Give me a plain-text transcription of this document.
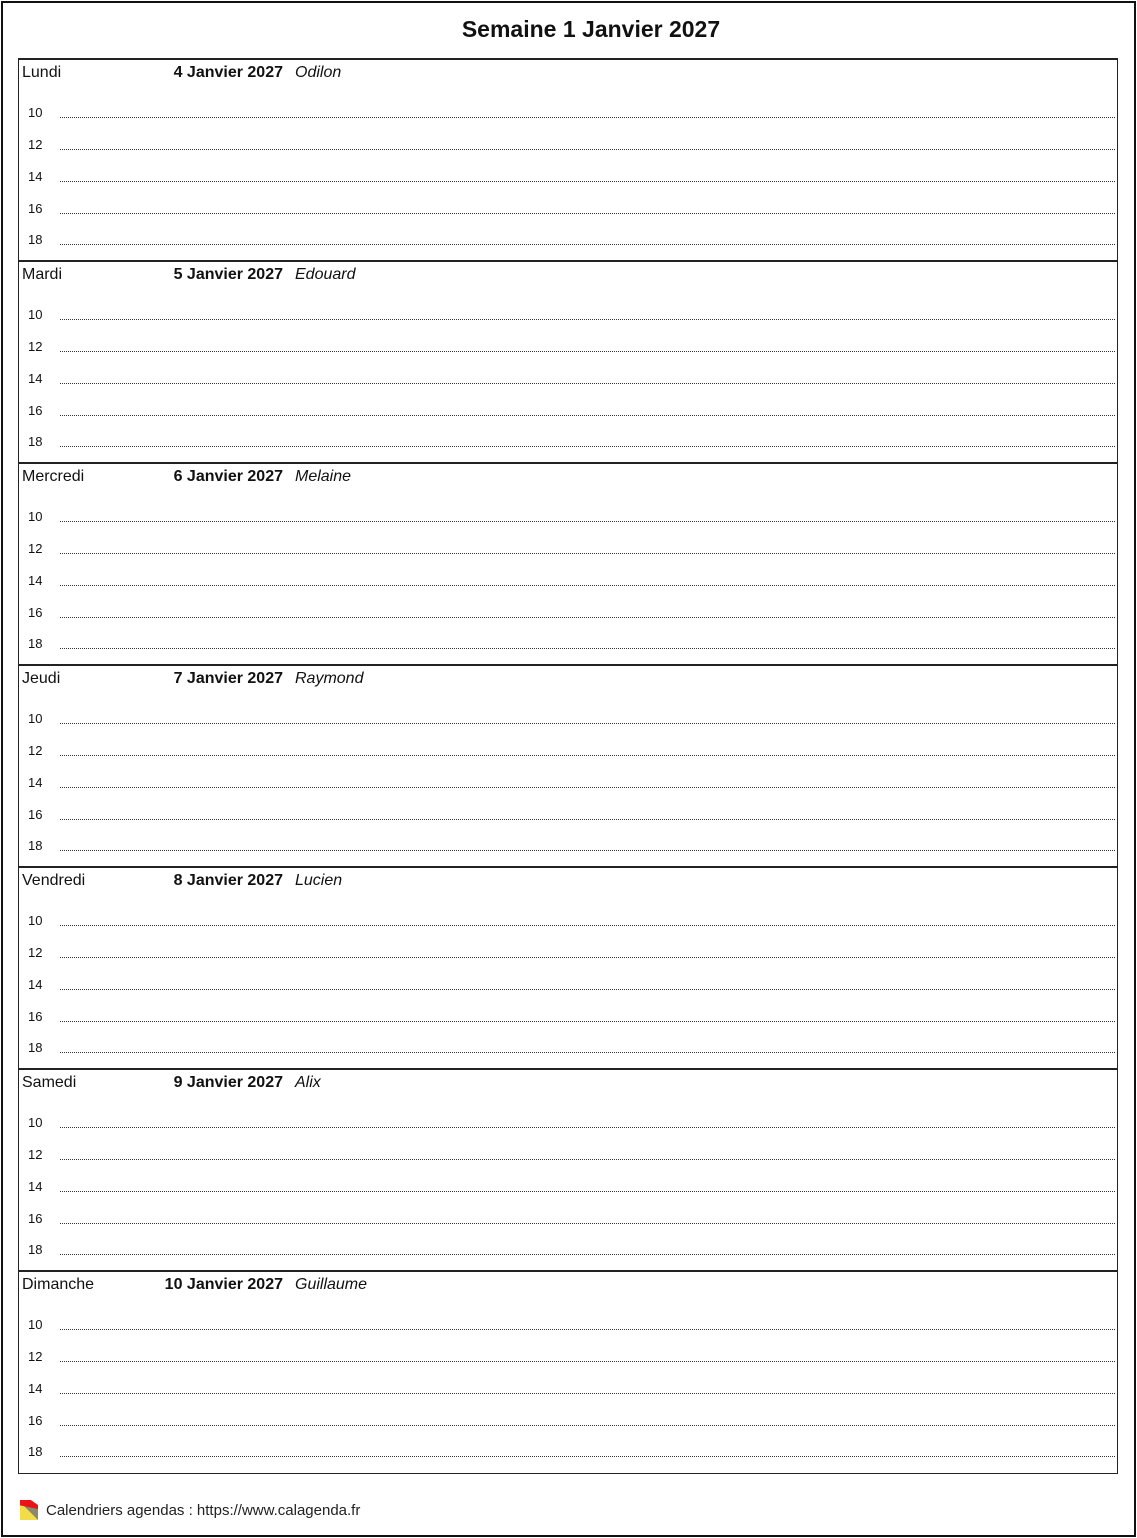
Semaine 1 Janvier 2027
Lundi	4 Janvier 2027 Odilon
10
12
14
16
18
Mardi	5 Janvier 2027 Edouard
10
12
14
16
18
Mercredi	6 Janvier 2027 Melaine
10
12
14
16
18
Jeudi	7 Janvier 2027 Raymond
10
12
14
16
18
Vendredi	8 Janvier 2027 Lucien
10
12
14
16
18
Samedi	9 Janvier 2027 Alix
10
12
14
16
18
Dimanche	10 Janvier 2027 Guillaume
10
12
14
16
18
Calendriers agendas : https://www.calagenda.fr
